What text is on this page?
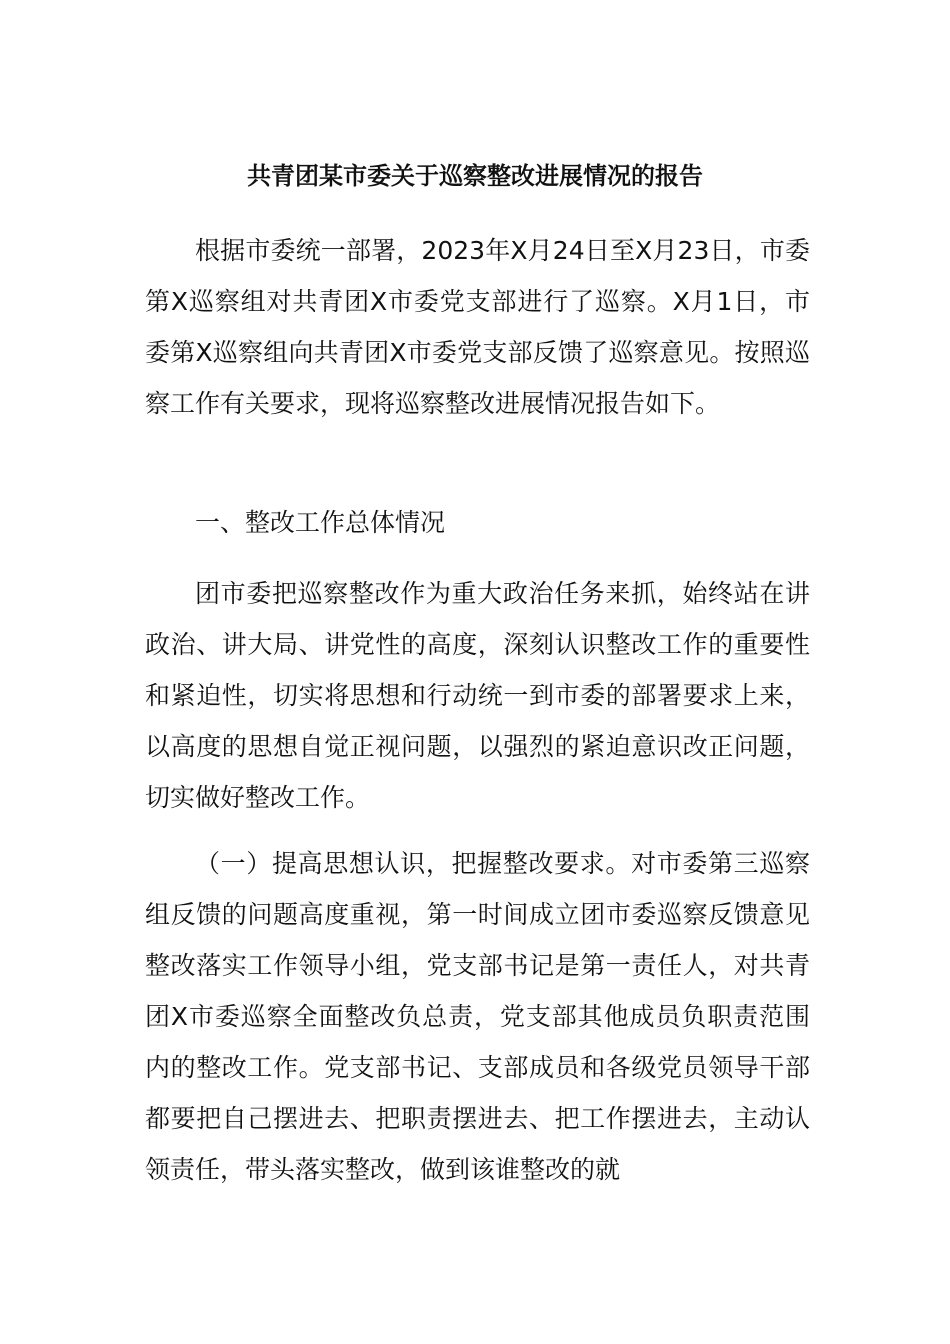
共青团某市委关于巡察整改进展情况的报告

根据市委统一部署，2023年X月24日至X月23日，市委第X巡察组对共青团X市委党支部进行了巡察。X月1日，市委第X巡察组向共青团X市委党支部反馈了巡察意见。按照巡察工作有关要求，现将巡察整改进展情况报告如下。

一、整改工作总体情况

团市委把巡察整改作为重大政治任务来抓，始终站在讲政治、讲大局、讲党性的高度，深刻认识整改工作的重要性和紧迫性，切实将思想和行动统一到市委的部署要求上来，以高度的思想自觉正视问题，以强烈的紧迫意识改正问题，切实做好整改工作。

（一）提高思想认识，把握整改要求。对市委第三巡察组反馈的问题高度重视，第一时间成立团市委巡察反馈意见整改落实工作领导小组，党支部书记是第一责任人，对共青团X市委巡察全面整改负总责，党支部其他成员负职责范围内的整改工作。党支部书记、支部成员和各级党员领导干部都要把自己摆进去、把职责摆进去、把工作摆进去，主动认领责任，带头落实整改，做到该谁整改的就
